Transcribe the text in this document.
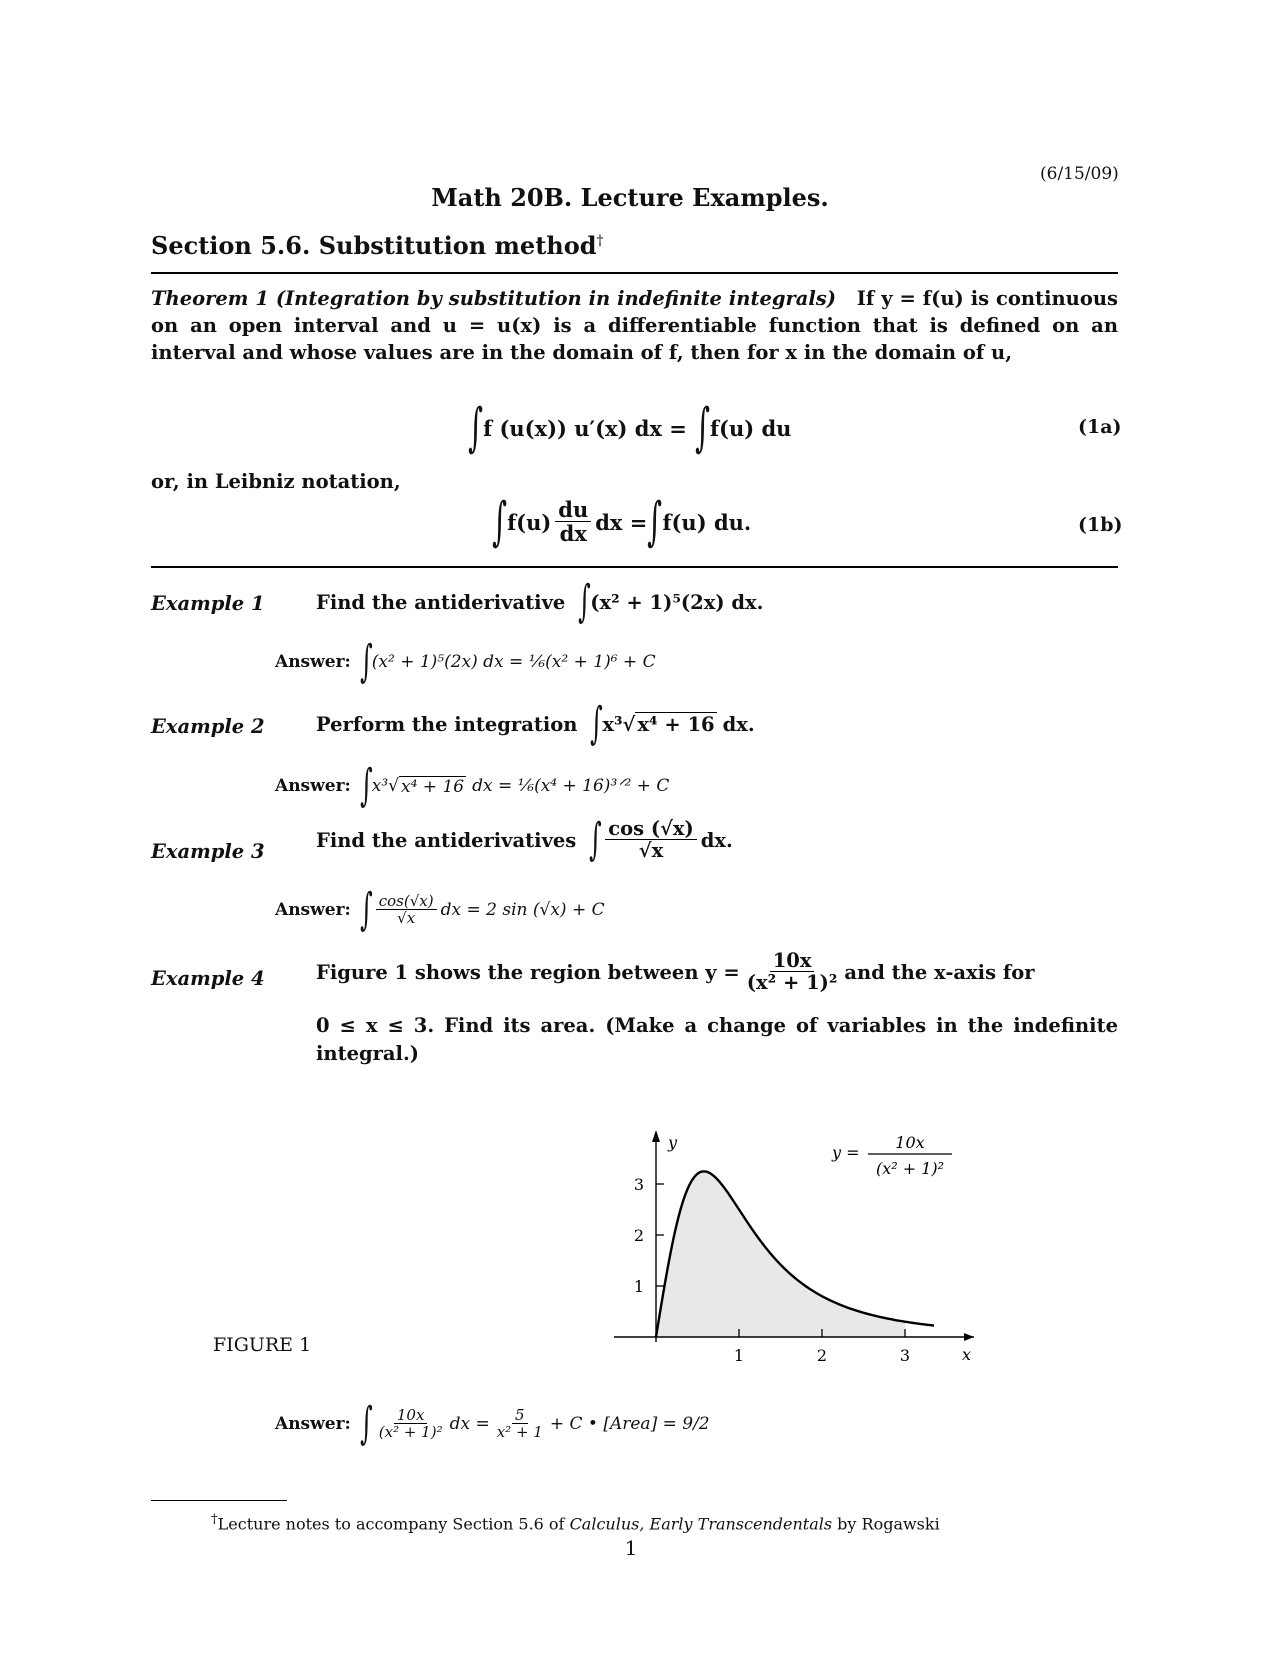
(6/15/09)
Math 20B. Lecture Examples.
Section 5.6. Substitution method†
Theorem 1 (Integration by substitution in indefinite integrals) If y = f(u) is continuous on an open interval and u = u(x) is a differentiable function that is defined on an interval and whose values are in the domain of f, then for x in the domain of u,
∫ f (u(x)) u′(x) dx = ∫ f(u) du	(1a)
or, in Leibniz notation,
∫ $f(u) \frac{du}{dx}$ dx = ∫ f(u) du.	(1b)
Example 1	Find the antiderivative ∫ (x² + 1)⁵(2x) dx.
Answer: ∫ (x² + 1)⁵(2x) dx = ⅙(x² + 1)⁶ + C
Example 2	Perform the integration ∫ x³ √ x⁴ + 16 dx.
Answer: ∫ x³ √ x⁴ + 16 dx = ⅙(x⁴ + 16)³ᐟ² + C
Example 3	Find the antiderivatives ∫ $\frac{\cos (√x)}{√x}$ dx.
Answer: ∫ $\frac{\cos(√x)}{√x}$ dx = 2 sin (√x) + C
Example 4	Figure 1 shows the region between $y = \frac{10x}{\text{(x² + 1)²}}$ and the x-axis for
0 ≤ x ≤ 3. Find its area. (Make a change of variables in the indefinite integral.)
FIGURE 1	1	2	3
1
2
3
y
x
y =
10x
(x² + 1)²
Answer: ∫ $\frac{10x}{\text{(x² + 1)²}}$ dx = $\frac{5}{\text{x² + 1}} + C$ • [Area] = 9/2
†Lecture notes to accompany Section 5.6 of Calculus, Early Transcendentals by Rogawski
1
